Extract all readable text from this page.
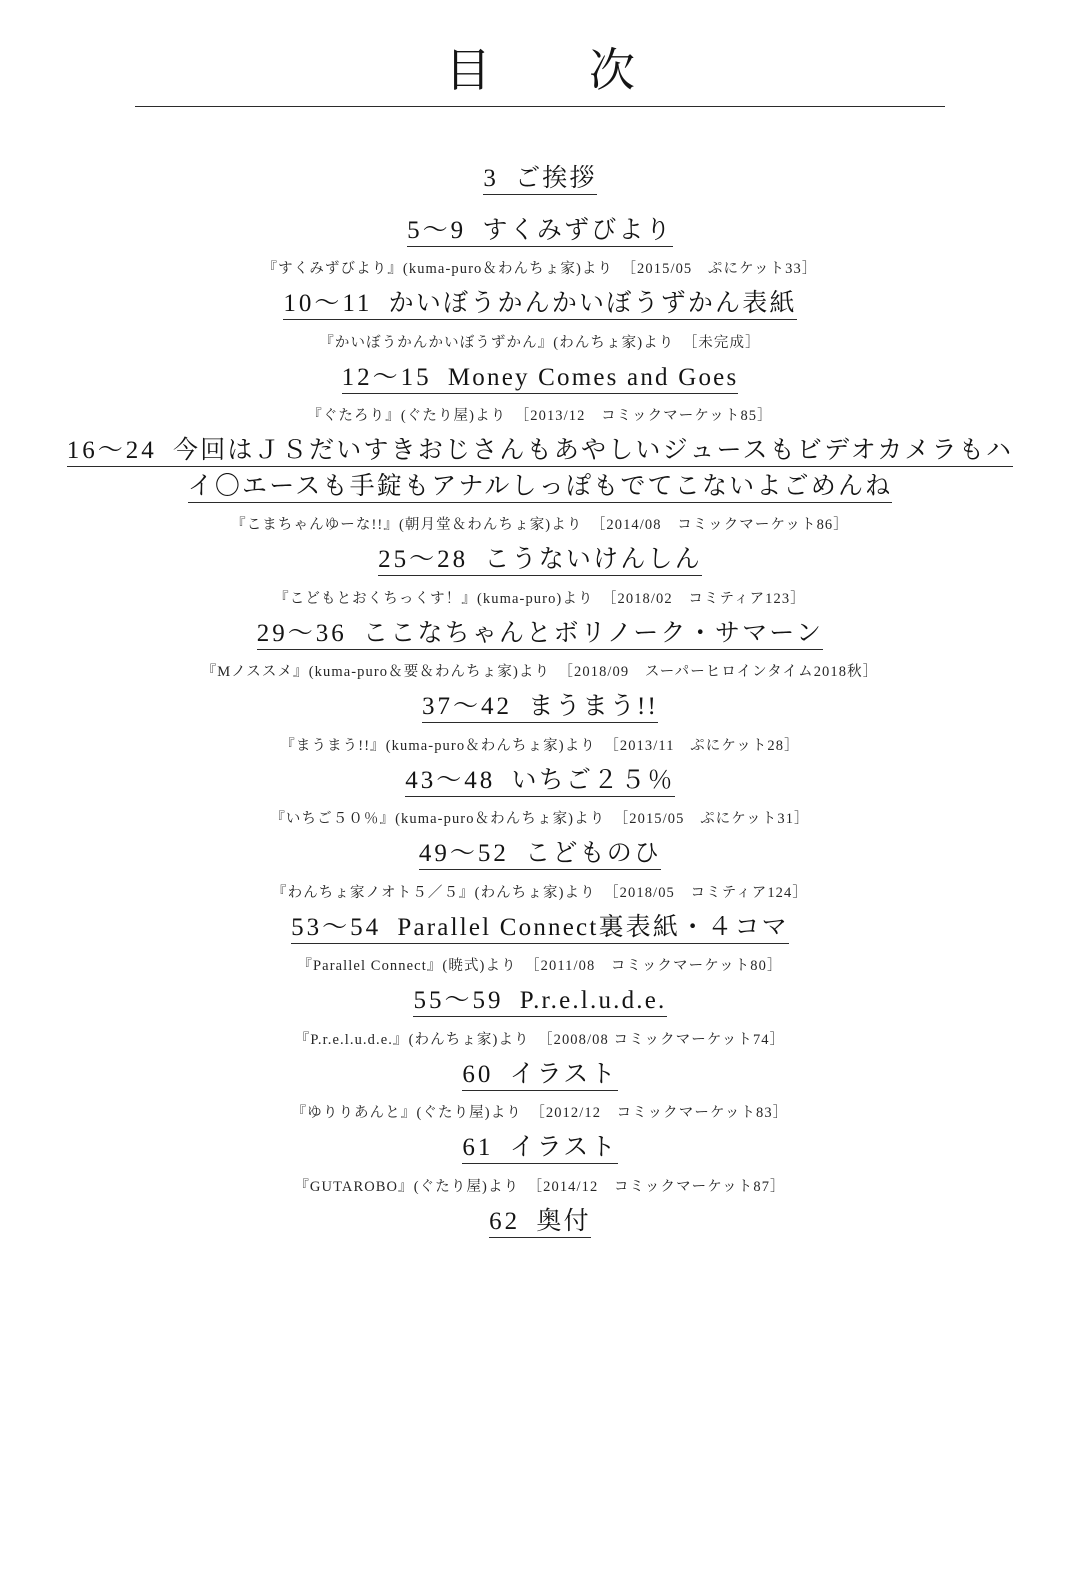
目　次
3 ご挨拶
5〜9 すくみずびより
『すくみずびより』(kuma-puro＆わんちょ家)より　［2015/05　ぷにケット33］
10〜11 かいぼうかんかいぼうずかん表紙
『かいぼうかんかいぼうずかん』(わんちょ家)より　［未完成］
12〜15 Money Comes and Goes
『ぐたろり』(ぐたり屋)より　［2013/12　コミックマーケット85］
16〜24 今回はＪＳだいすきおじさんもあやしいジュースもビデオカメラもハイ〇エースも手錠もアナルしっぽもでてこないよごめんね
『こまちゃんゆーな!!』(朝月堂＆わんちょ家)より　［2014/08　コミックマーケット86］
25〜28 こうないけんしん
『こどもとおくちっくす！』(kuma-puro)より　［2018/02　コミティア123］
29〜36 ここなちゃんとボリノーク・サマーン
『Mノススメ』(kuma-puro＆要＆わんちょ家)より　［2018/09　スーパーヒロインタイム2018秋］
37〜42 まうまう!!
『まうまう!!』(kuma-puro＆わんちょ家)より　［2013/11　ぷにケット28］
43〜48 いちご２５％
『いちご５０％』(kuma-puro＆わんちょ家)より　［2015/05　ぷにケット31］
49〜52 こどものひ
『わんちょ家ノオト５／５』(わんちょ家)より　［2018/05　コミティア124］
53〜54 Parallel Connect裏表紙・４コマ
『Parallel Connect』(暁式)より　［2011/08　コミックマーケット80］
55〜59 P.r.e.l.u.d.e.
『P.r.e.l.u.d.e.』(わんちょ家)より　［2008/08 コミックマーケット74］
60 イラスト
『ゆりりあんと』(ぐたり屋)より　［2012/12　コミックマーケット83］
61 イラスト
『GUTAROBO』(ぐたり屋)より　［2014/12　コミックマーケット87］
62 奥付
